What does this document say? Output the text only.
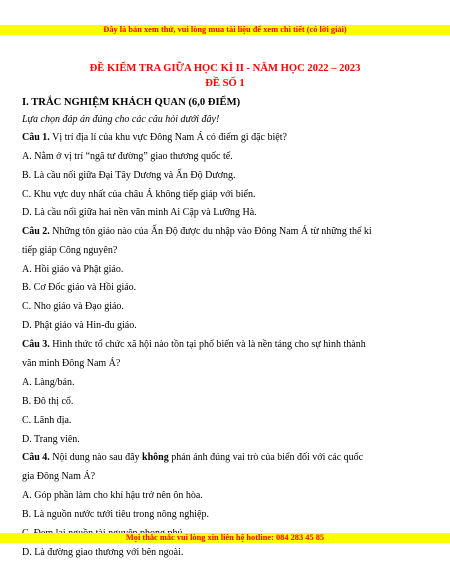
Đây là bản xem thử, vui lòng mua tài liệu để xem chi tiết (có lời giải)
ĐỀ KIỂM TRA GIỮA HỌC KÌ II - NĂM HỌC 2022 – 2023
ĐỀ SỐ 1
I. TRẮC NGHIỆM KHÁCH QUAN (6,0 ĐIỂM)
Lựa chọn đáp án đúng cho các câu hỏi dưới đây!
Câu 1. Vị trí địa lí của khu vực Đông Nam Á có điểm gì đặc biệt?
A. Nằm ở vị trí “ngã tư đường” giao thương quốc tế.
B. Là cầu nối giữa Đại Tây Dương và Ấn Độ Dương.
C. Khu vực duy nhất của châu Á không tiếp giáp với biển.
D. Là cầu nối giữa hai nền văn minh Ai Cập và Lưỡng Hà.
Câu 2. Những tôn giáo nào của Ấn Độ được du nhập vào Đông Nam Á từ những thế kỉ
tiếp giáp Công nguyên?
A. Hồi giáo và Phật giáo.
B. Cơ Đốc giáo và Hồi giáo.
C. Nho giáo và Đạo giáo.
D. Phật giáo và Hin-đu giáo.
Câu 3. Hình thức tổ chức xã hội nào tồn tại phổ biến và là nền tảng cho sự hình thành
văn minh Đông Nam Á?
A. Làng/bản.
B. Đô thị cổ.
C. Lãnh địa.
D. Trang viên.
Câu 4. Nội dung nào sau đây không phản ánh đúng vai trò của biển đối với các quốc
gia Đông Nam Á?
A. Góp phần làm cho khí hậu trở nên ôn hòa.
B. Là nguồn nước tưới tiêu trong nông nghiệp.
D. Là đường giao thương với bên ngoài.
Mọi thắc mắc vui lòng xin liên hệ hotline: 084 283 45 85
